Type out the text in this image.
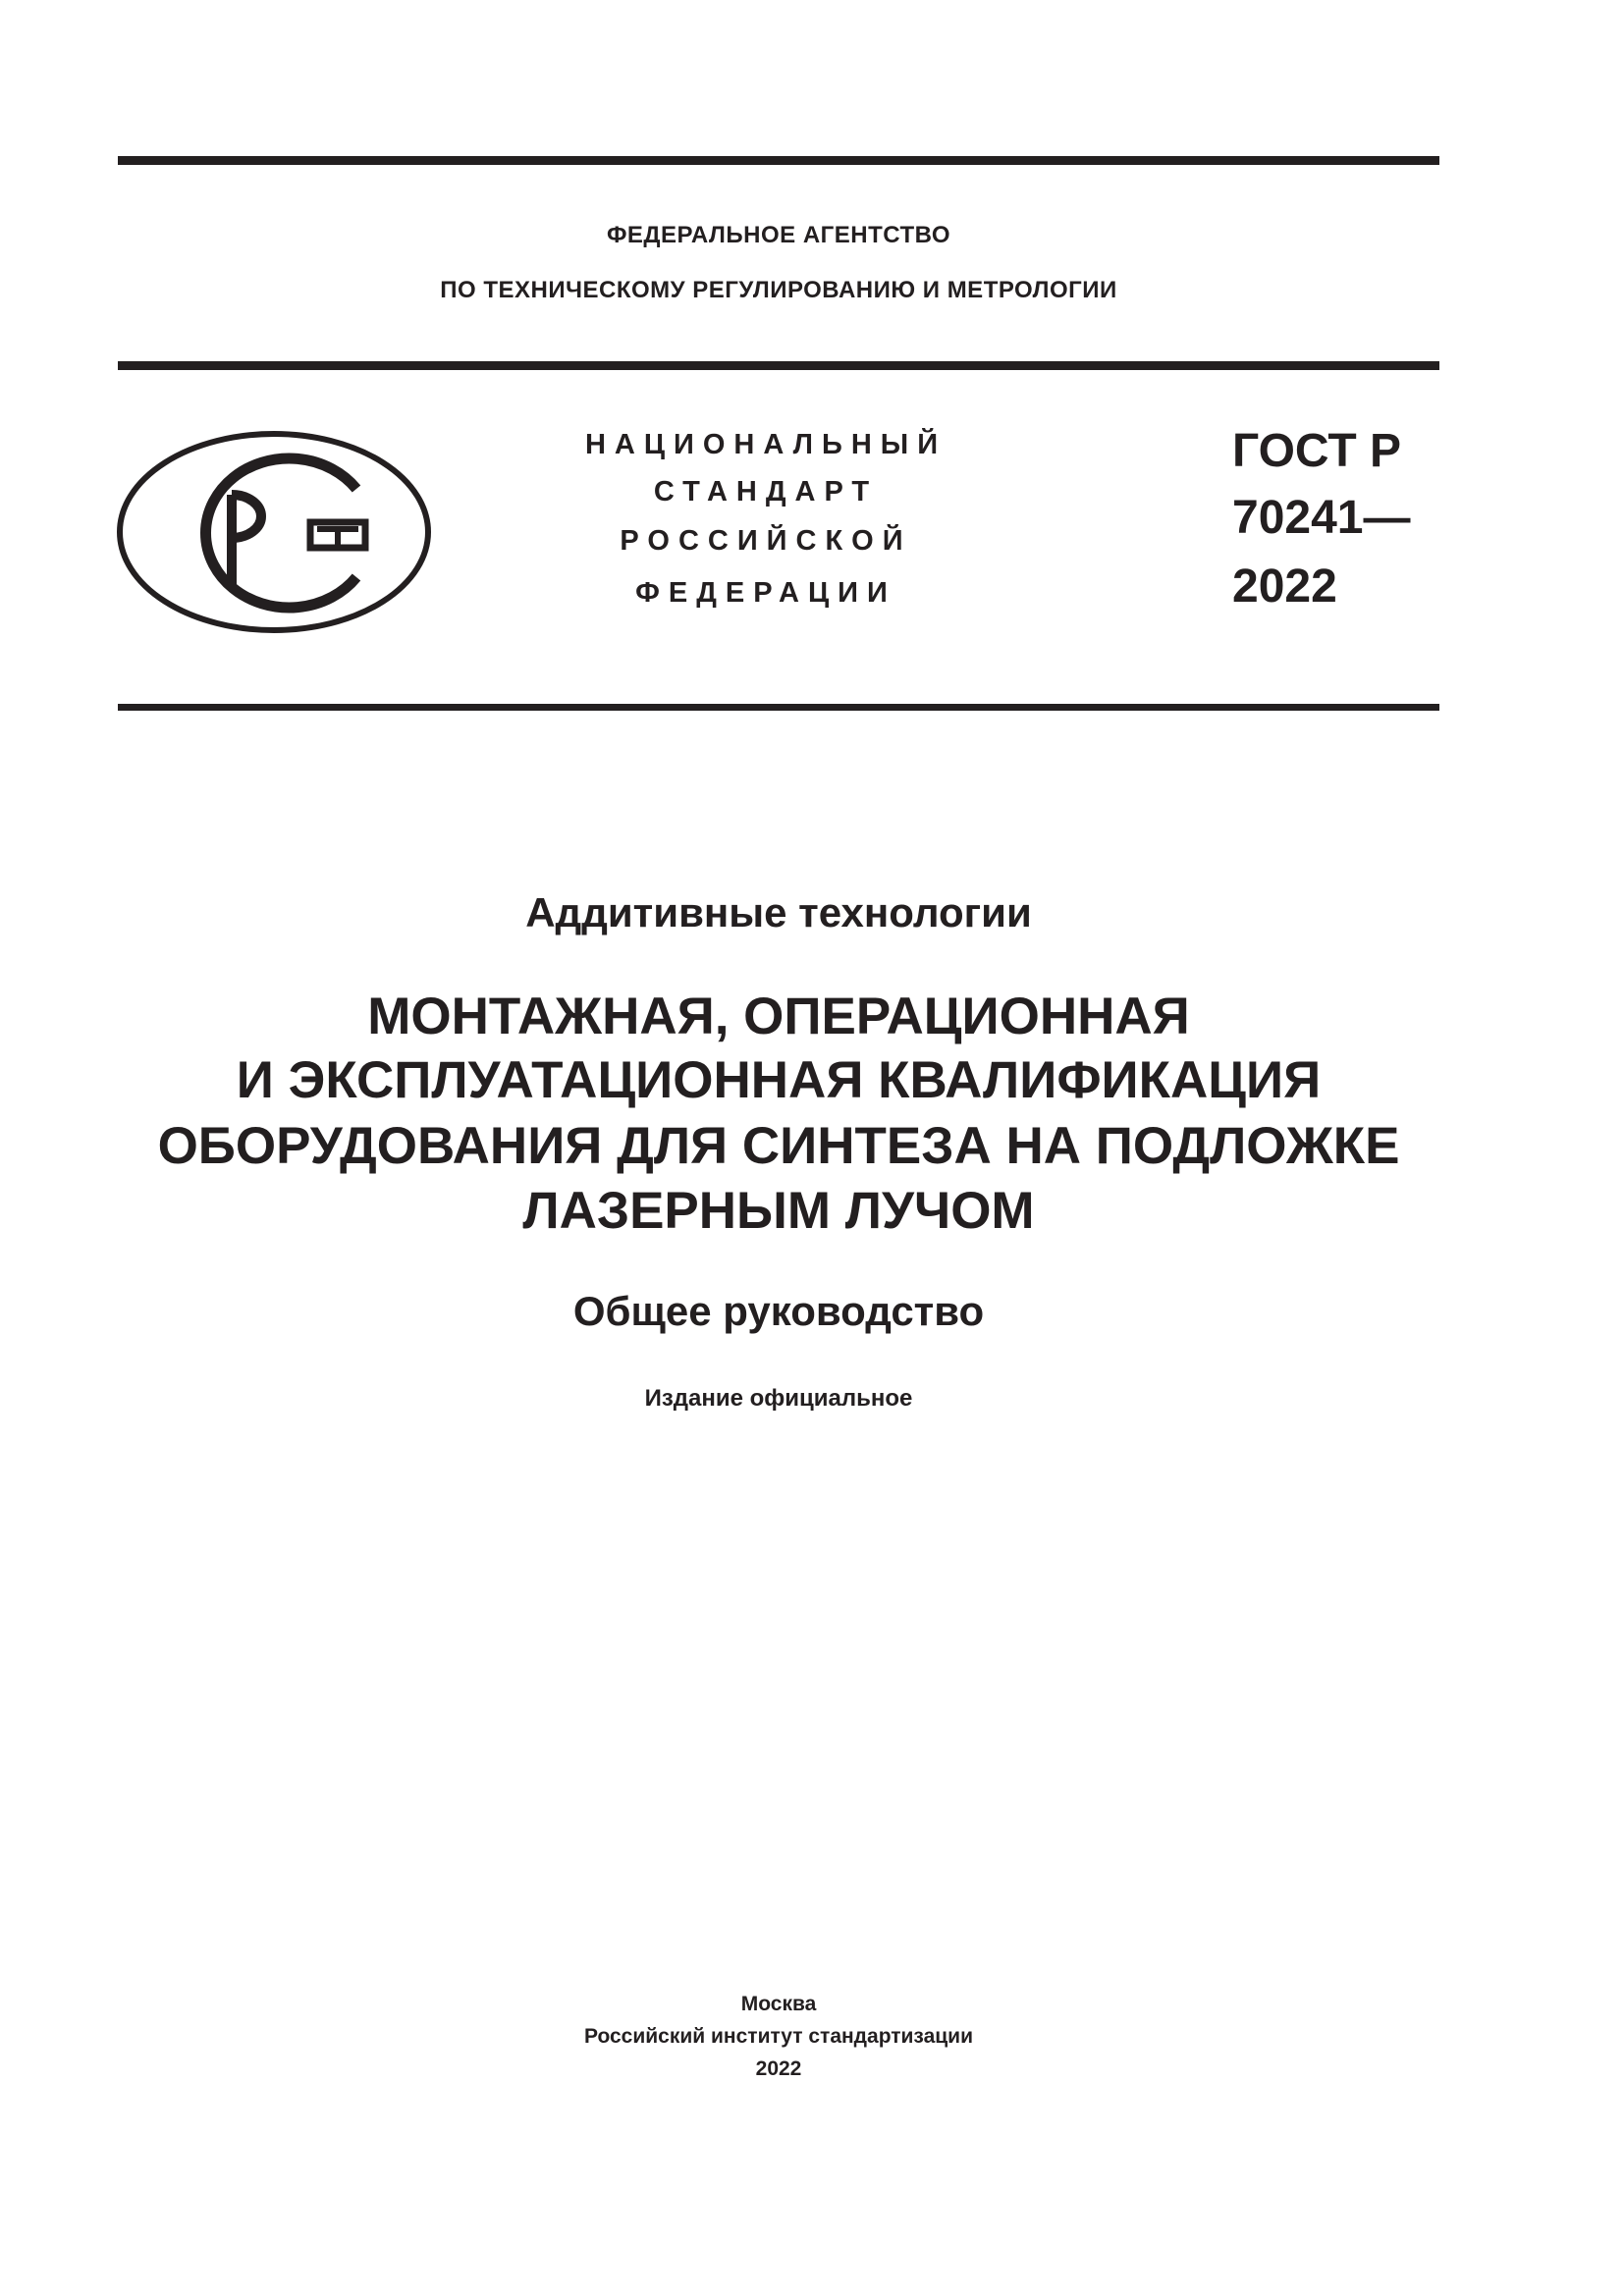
ФЕДЕРАЛЬНОЕ АГЕНТСТВО
ПО ТЕХНИЧЕСКОМУ РЕГУЛИРОВАНИЮ И МЕТРОЛОГИИ
НАЦИОНАЛЬНЫЙ
СТАНДАРТ
РОССИЙСКОЙ
ФЕДЕРАЦИИ
ГОСТ Р
70241—
2022
Аддитивные технологии
МОНТАЖНАЯ, ОПЕРАЦИОННАЯ
И ЭКСПЛУАТАЦИОННАЯ КВАЛИФИКАЦИЯ
ОБОРУДОВАНИЯ ДЛЯ СИНТЕЗА НА ПОДЛОЖКЕ
ЛАЗЕРНЫМ ЛУЧОМ
Общее руководство
Издание официальное
Москва
Российский институт стандартизации
2022
